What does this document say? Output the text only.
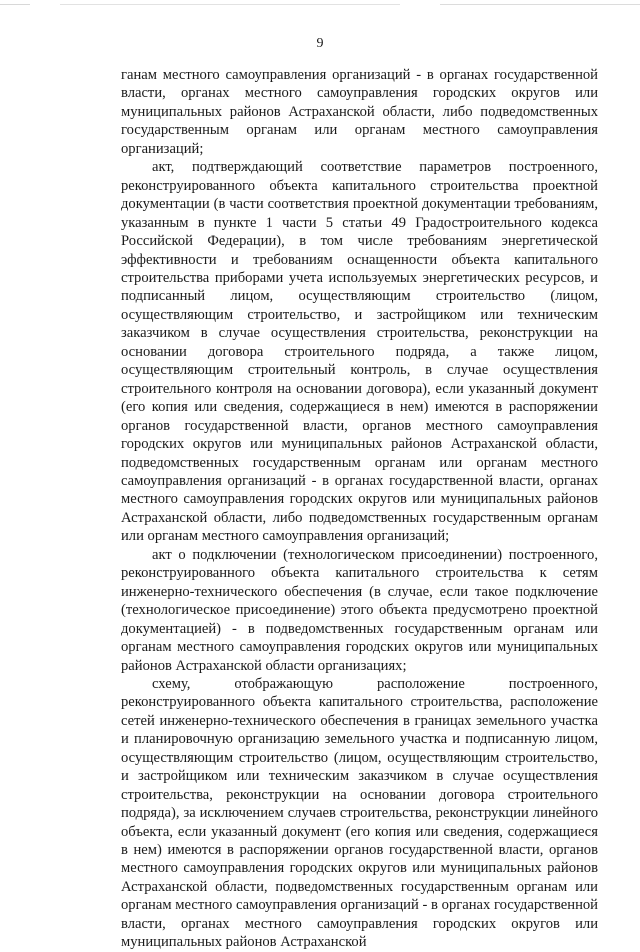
9

ганам местного самоуправления организаций - в органах государственной власти, органах местного самоуправления городских округов или муниципальных районов Астраханской области, либо подведомственных государственным органам или органам местного самоуправления организаций;

акт, подтверждающий соответствие параметров построенного, реконструированного объекта капитального строительства проектной документации (в части соответствия проектной документации требованиям, указанным в пункте 1 части 5 статьи 49 Градостроительного кодекса Российской Федерации), в том числе требованиям энергетической эффективности и требованиям оснащенности объекта капитального строительства приборами учета используемых энергетических ресурсов, и подписанный лицом, осуществляющим строительство (лицом, осуществляющим строительство, и застройщиком или техническим заказчиком в случае осуществления строительства, реконструкции на основании договора строительного подряда, а также лицом, осуществляющим строительный контроль, в случае осуществления строительного контроля на основании договора), если указанный документ (его копия или сведения, содержащиеся в нем) имеются в распоряжении органов государственной власти, органов местного самоуправления городских округов или муниципальных районов Астраханской области, подведомственных государственным органам или органам местного самоуправления организаций - в органах государственной власти, органах местного самоуправления городских округов или муниципальных районов Астраханской области, либо подведомственных государственным органам или органам местного самоуправления организаций;

акт о подключении (технологическом присоединении) построенного, реконструированного объекта капитального строительства к сетям инженерно-технического обеспечения (в случае, если такое подключение (технологическое присоединение) этого объекта предусмотрено проектной документацией) - в подведомственных государственным органам или органам местного самоуправления городских округов или муниципальных районов Астраханской области организациях;

схему, отображающую расположение построенного, реконструированного объекта капитального строительства, расположение сетей инженерно-технического обеспечения в границах земельного участка и планировочную организацию земельного участка и подписанную лицом, осуществляющим строительство (лицом, осуществляющим строительство, и застройщиком или техническим заказчиком в случае осуществления строительства, реконструкции на основании договора строительного подряда), за исключением случаев строительства, реконструкции линейного объекта, если указанный документ (его копия или сведения, содержащиеся в нем) имеются в распоряжении органов государственной власти, органов местного самоуправления городских округов или муниципальных районов Астраханской области, подведомственных государственным органам или органам местного самоуправления организаций - в органах государственной власти, органах местного самоуправления городских округов или муниципальных районов Астраханской
